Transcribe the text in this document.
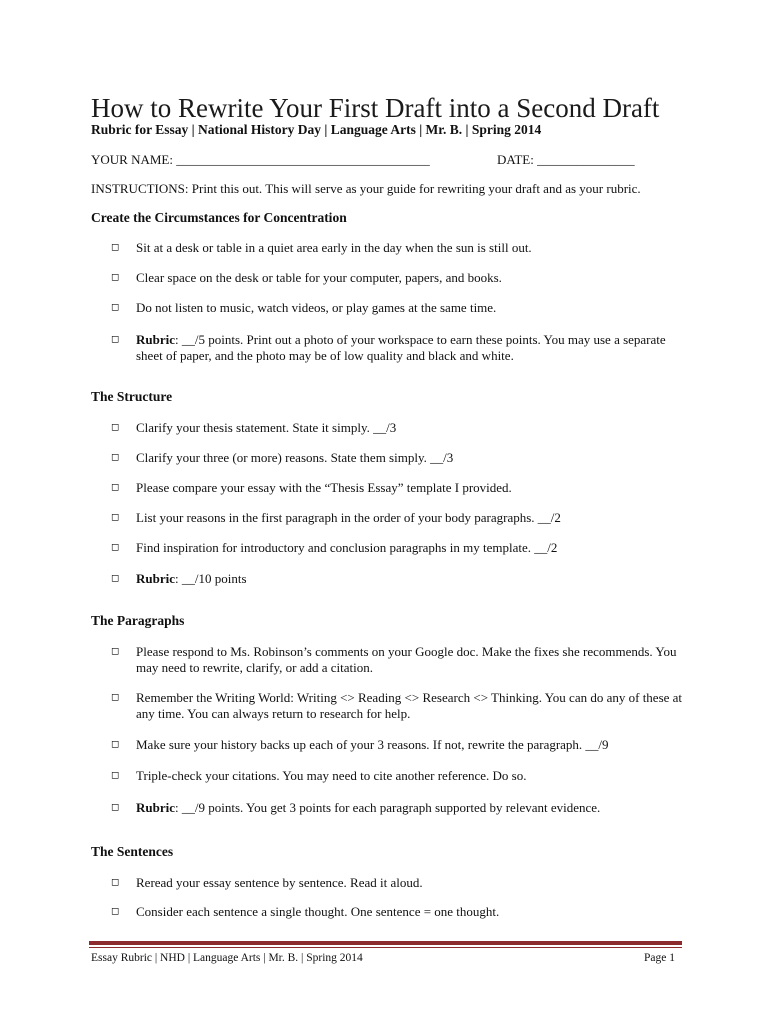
How to Rewrite Your First Draft into a Second Draft
Rubric for Essay | National History Day | Language Arts | Mr. B. | Spring 2014
YOUR NAME: _______________________________________	DATE: _______________
INSTRUCTIONS: Print this out. This will serve as your guide for rewriting your draft and as your rubric.
Create the Circumstances for Concentration
◻ Sit at a desk or table in a quiet area early in the day when the sun is still out.
◻ Clear space on the desk or table for your computer, papers, and books.
◻ Do not listen to music, watch videos, or play games at the same time.
◻ Rubric: __/5 points. Print out a photo of your workspace to earn these points. You may use a separate sheet of paper, and the photo may be of low quality and black and white.
The Structure
◻ Clarify your thesis statement. State it simply. __/3
◻ Clarify your three (or more) reasons. State them simply. __/3
◻ Please compare your essay with the “Thesis Essay” template I provided.
◻ List your reasons in the first paragraph in the order of your body paragraphs. __/2
◻ Find inspiration for introductory and conclusion paragraphs in my template. __/2
◻ Rubric: __/10 points
The Paragraphs
◻ Please respond to Ms. Robinson’s comments on your Google doc. Make the fixes she recommends. You may need to rewrite, clarify, or add a citation.
◻ Remember the Writing World: Writing <> Reading <> Research <> Thinking. You can do any of these at any time. You can always return to research for help.
◻ Make sure your history backs up each of your 3 reasons. If not, rewrite the paragraph. __/9
◻ Triple-check your citations. You may need to cite another reference. Do so.
◻ Rubric: __/9 points. You get 3 points for each paragraph supported by relevant evidence.
The Sentences
◻ Reread your essay sentence by sentence. Read it aloud.
◻ Consider each sentence a single thought. One sentence = one thought.
Essay Rubric | NHD | Language Arts | Mr. B. | Spring 2014	Page 1
